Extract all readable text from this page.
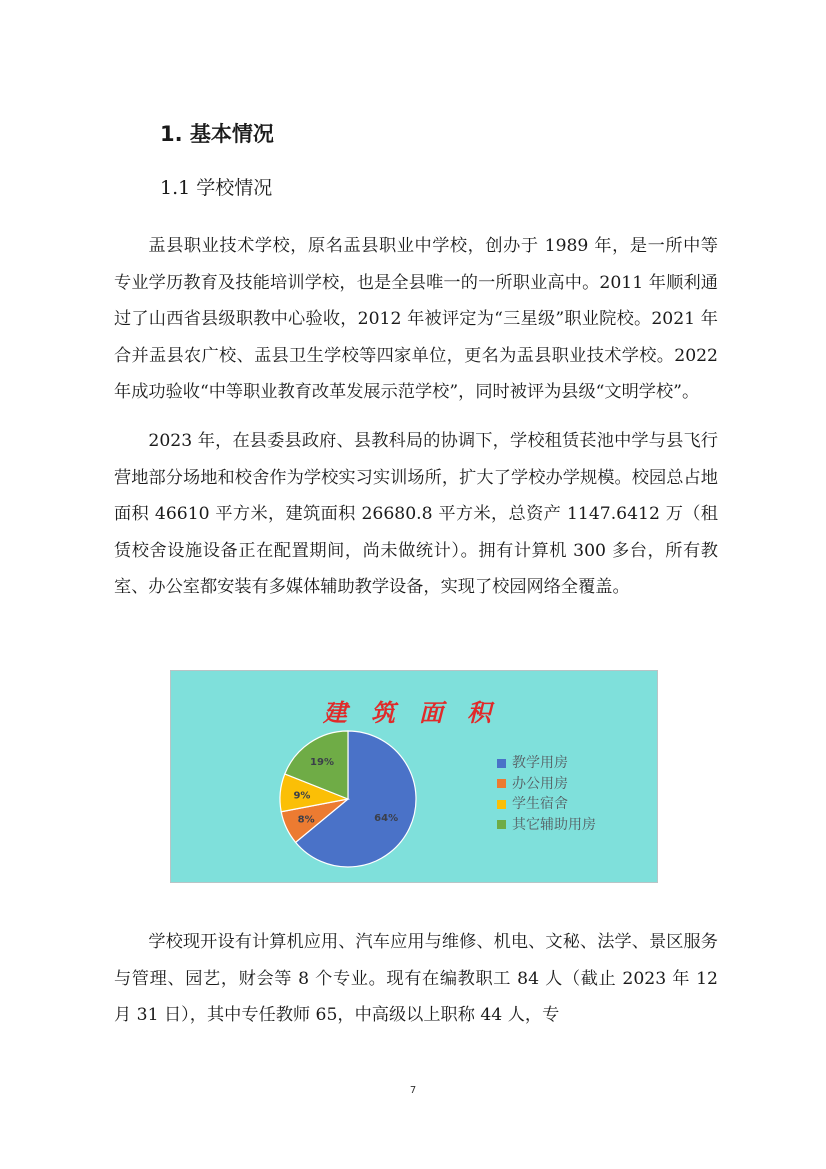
1. 基本情况
1.1 学校情况

盂县职业技术学校，原名盂县职业中学校，创办于 1989 年，是一所中等专业学历教育及技能培训学校，也是全县唯一的一所职业高中。2011 年顺利通过了山西省县级职教中心验收，2012 年被评定为“三星级”职业院校。2021 年合并盂县农广校、盂县卫生学校等四家单位，更名为盂县职业技术学校。2022 年成功验收“中等职业教育改革发展示范学校”，同时被评为县级“文明学校”。

2023 年，在县委县政府、县教科局的协调下，学校租赁苌池中学与县飞行营地部分场地和校舍作为学校实习实训场所，扩大了学校办学规模。校园总占地面积 46610 平方米，建筑面积 26680.8 平方米，总资产 1147.6412 万（租赁校舍设施设备正在配置期间，尚未做统计）。拥有计算机 300 多台，所有教室、办公室都安装有多媒体辅助教学设备，实现了校园网络全覆盖。

建筑面积
64%
8%
9%
19%	教学用房
办公用房
学生宿舍
其它辅助用房

学校现开设有计算机应用、汽车应用与维修、机电、文秘、法学、景区服务与管理、园艺，财会等 8 个专业。现有在编教职工 84 人（截止 2023 年 12 月 31 日），其中专任教师 65，中高级以上职称 44 人，专

7
